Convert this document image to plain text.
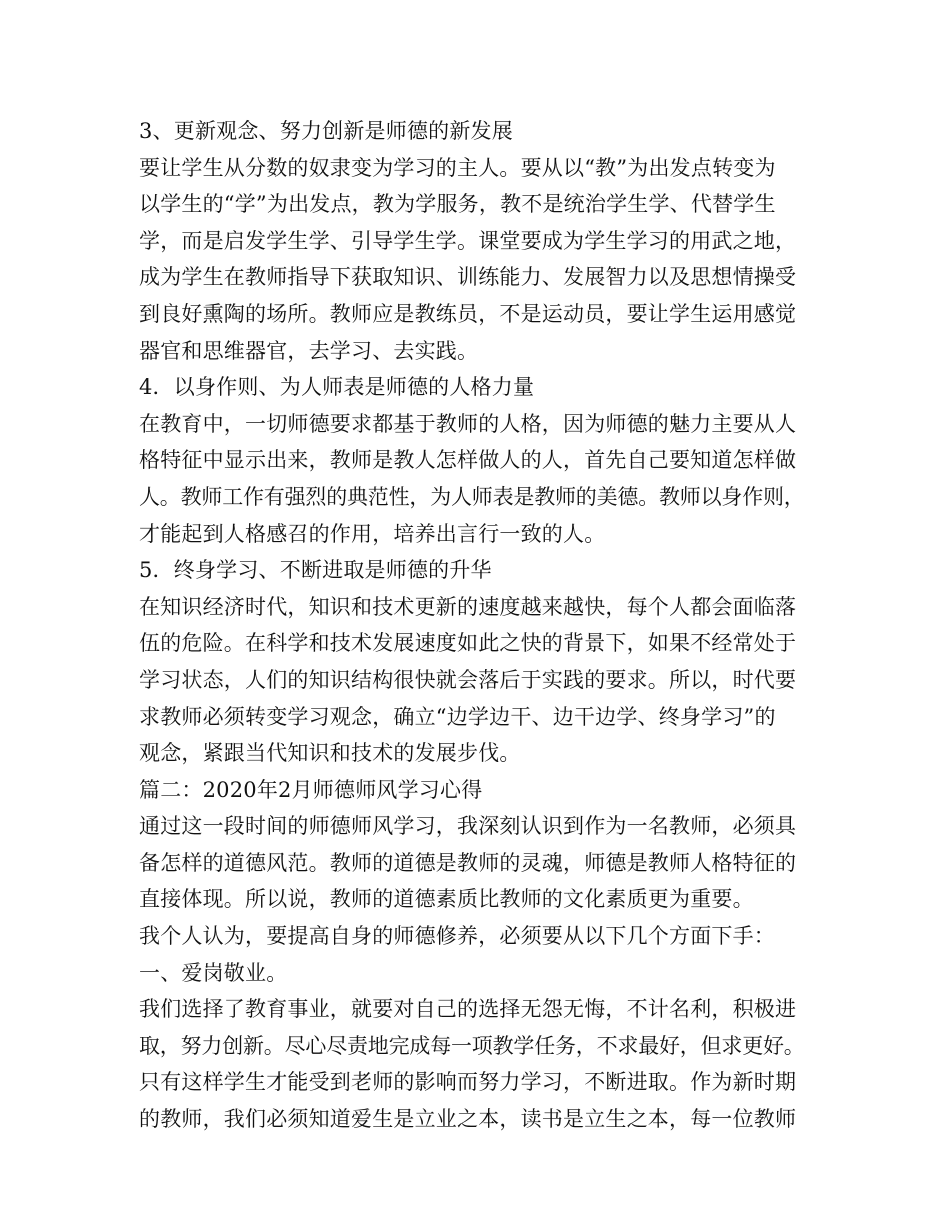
3、更新观念、努力创新是师德的新发展
要让学生从分数的奴隶变为学习的主人。要从以“教”为出发点转变为
以学生的“学”为出发点，教为学服务，教不是统治学生学、代替学生
学，而是启发学生学、引导学生学。课堂要成为学生学习的用武之地，
成为学生在教师指导下获取知识、训练能力、发展智力以及思想情操受
到良好熏陶的场所。教师应是教练员，不是运动员，要让学生运用感觉
器官和思维器官，去学习、去实践。
4．以身作则、为人师表是师德的人格力量
在教育中，一切师德要求都基于教师的人格，因为师德的魅力主要从人
格特征中显示出来，教师是教人怎样做人的人，首先自己要知道怎样做
人。教师工作有强烈的典范性，为人师表是教师的美德。教师以身作则，
才能起到人格感召的作用，培养出言行一致的人。
5．终身学习、不断进取是师德的升华
在知识经济时代，知识和技术更新的速度越来越快，每个人都会面临落
伍的危险。在科学和技术发展速度如此之快的背景下，如果不经常处于
学习状态，人们的知识结构很快就会落后于实践的要求。所以，时代要
求教师必须转变学习观念，确立“边学边干、边干边学、终身学习”的
观念，紧跟当代知识和技术的发展步伐。
篇二：2020年2月师德师风学习心得
通过这一段时间的师德师风学习，我深刻认识到作为一名教师，必须具
备怎样的道德风范。教师的道德是教师的灵魂，师德是教师人格特征的
直接体现。所以说，教师的道德素质比教师的文化素质更为重要。
我个人认为，要提高自身的师德修养，必须要从以下几个方面下手：
一、爱岗敬业。
我们选择了教育事业，就要对自己的选择无怨无悔，不计名利，积极进
取，努力创新。尽心尽责地完成每一项教学任务，不求最好，但求更好。
只有这样学生才能受到老师的影响而努力学习，不断进取。作为新时期
的教师，我们必须知道爱生是立业之本，读书是立生之本，每一位教师
